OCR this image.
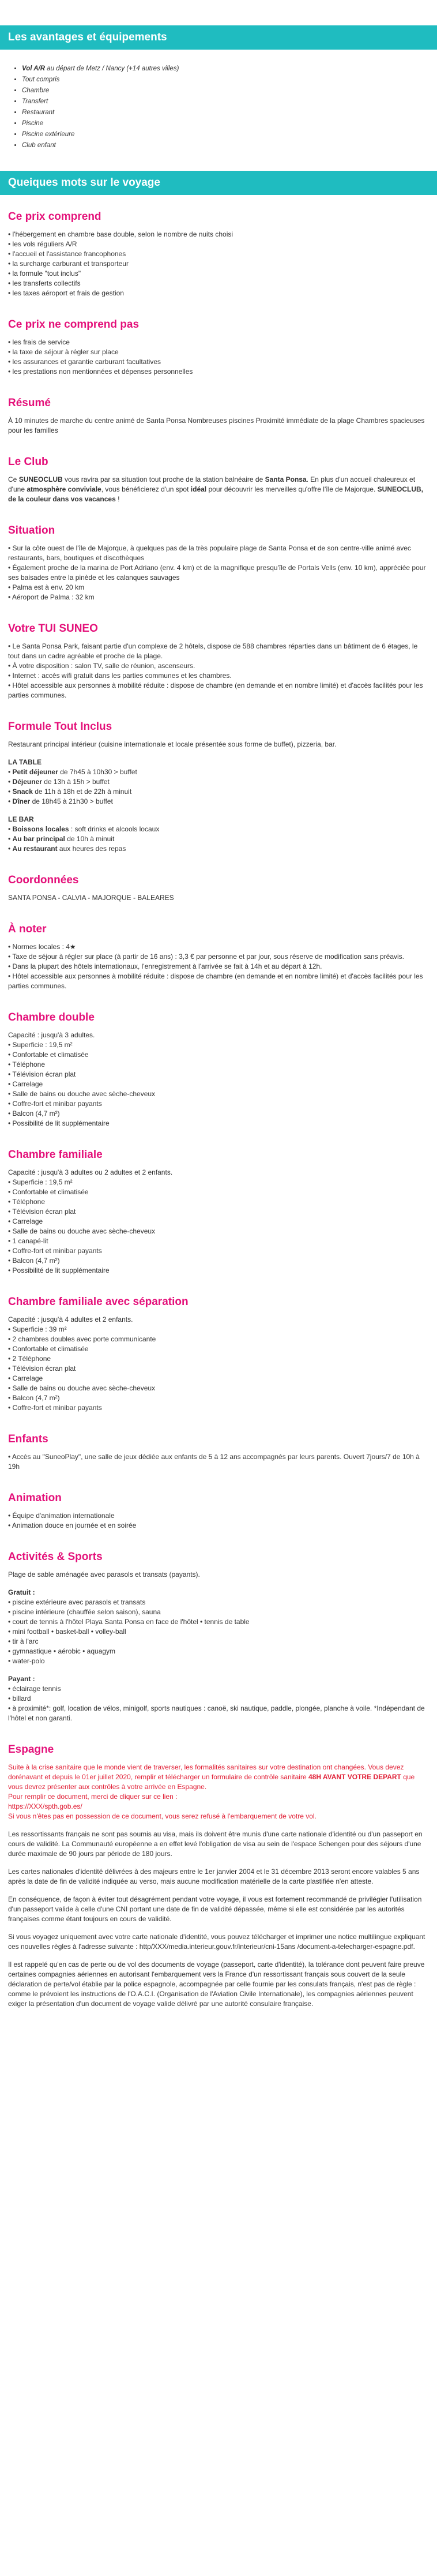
Les avantages et équipements
• Vol A/R au départ de Metz / Nancy (+14 autres villes)
• Tout compris
• Chambre
• Transfert
• Restaurant
• Piscine
• Piscine extérieure
• Club enfant
Queiques mots sur le voyage
Ce prix comprend
• l'hébergement en chambre base double, selon le nombre de nuits choisi
• les vols réguliers A/R
• l'accueil et l'assistance francophones
• la surcharge carburant et transporteur
• la formule "tout inclus"
• les transferts collectifs
• les taxes aéroport et frais de gestion
Ce prix ne comprend pas
• les frais de service
• la taxe de séjour à régler sur place
• les assurances et garantie carburant facultatives
• les prestations non mentionnées et dépenses personnelles
Résumé

À 10 minutes de marche du centre animé de Santa Ponsa Nombreuses piscines Proximité immédiate de la plage Chambres spacieuses pour les familles

Le Club

Ce SUNEOCLUB vous ravira par sa situation tout proche de la station balnéaire de Santa Ponsa. En plus d'un accueil chaleureux et d'une atmosphère conviviale, vous bénéficierez d'un spot idéal pour découvrir les merveilles qu'offre l'île de Majorque. SUNEOCLUB, de la couleur dans vos vacances !

Situation
• Sur la côte ouest de l'île de Majorque, à quelques pas de la très populaire plage de Santa Ponsa et de son centre-ville animé avec restaurants, bars, boutiques et discothèques
• Également proche de la marina de Port Adriano (env. 4 km) et de la magnifique presqu'île de Portals Vells (env. 10 km), appréciée pour ses baisades entre la pinède et les calanques sauvages
• Palma est à env. 20 km
• Aéroport de Palma : 32 km
Votre TUI SUNEO
• Le Santa Ponsa Park, faisant partie d'un complexe de 2 hôtels, dispose de 588 chambres réparties dans un bâtiment de 6 étages, le tout dans un cadre agréable et proche de la plage.
• À votre disposition : salon TV, salle de réunion, ascenseurs.
• Internet : accès wifi gratuit dans les parties communes et les chambres.
• Hôtel accessible aux personnes à mobilité réduite : dispose de chambre (en demande et en nombre limité) et d'accès facilités pour les parties communes.
Formule Tout Inclus

Restaurant principal intérieur (cuisine internationale et locale présentée sous forme de buffet), pizzeria, bar.

LA TABLE
• Petit déjeuner de 7h45 à 10h30 > buffet
• Déjeuner de 13h à 15h > buffet
• Snack de 11h à 18h et de 22h à minuit
• Dîner de 18h45 à 21h30 > buffet
LE BAR
• Boissons locales : soft drinks et alcools locaux
• Au bar principal de 10h à minuit
• Au restaurant aux heures des repas
Coordonnées

SANTA PONSA - CALVIA - MAJORQUE - BALEARES

À noter
• Normes locales : 4★
• Taxe de séjour à régler sur place (à partir de 16 ans) : 3,3 € par personne et par jour, sous réserve de modification sans préavis.
• Dans la plupart des hôtels internationaux, l'enregistrement à l'arrivée se fait à 14h et au départ à 12h.
• Hôtel accessible aux personnes à mobilité réduite : dispose de chambre (en demande et en nombre limité) et d'accès facilités pour les parties communes.
Chambre double
Capacité : jusqu'à 3 adultes.
• Superficie : 19,5 m²
• Confortable et climatisée
• Téléphone
• Télévision écran plat
• Carrelage
• Salle de bains ou douche avec sèche-cheveux
• Coffre-fort et minibar payants
• Balcon (4,7 m²)
• Possibilité de lit supplémentaire
Chambre familiale
Capacité : jusqu'à 3 adultes ou 2 adultes et 2 enfants.
• Superficie : 19,5 m²
• Confortable et climatisée
• Téléphone
• Télévision écran plat
• Carrelage
• Salle de bains ou douche avec sèche-cheveux
• 1 canapé-lit
• Coffre-fort et minibar payants
• Balcon (4,7 m²)
• Possibilité de lit supplémentaire
Chambre familiale avec séparation
Capacité : jusqu'à 4 adultes et 2 enfants.
• Superficie : 39 m²
• 2 chambres doubles avec porte communicante
• Confortable et climatisée
• 2 Téléphone
• Télévision écran plat
• Carrelage
• Salle de bains ou douche avec sèche-cheveux
• Balcon (4,7 m²)
• Coffre-fort et minibar payants
Enfants

• Accès au "SuneoPlay", une salle de jeux dédiée aux enfants de 5 à 12 ans accompagnés par leurs parents. Ouvert 7jours/7 de 10h à 19h

Animation
• Équipe d'animation internationale
• Animation douce en journée et en soirée
Activités & Sports

Plage de sable aménagée avec parasols et transats (payants).

Gratuit :
• piscine extérieure avec parasols et transats
• piscine intérieure (chauffée selon saison), sauna
• court de tennis à l'hôtel Playa Santa Ponsa en face de l'hôtel • tennis de table
• mini football • basket-ball • volley-ball
• tir à l'arc
• gymnastique • aérobic • aquagym
• water-polo
Payant :
• éclairage tennis
• billard
• à proximité*: golf, location de vélos, minigolf, sports nautiques : canoë, ski nautique, paddle, plongée, planche à voile. *Indépendant de l'hôtel et non garanti.
Espagne

Suite à la crise sanitaire que le monde vient de traverser, les formalités sanitaires sur votre destination ont changées. Vous devez dorénavant et depuis le 01er juillet 2020, remplir et télécharger un formulaire de contrôle sanitaire 48H AVANT VOTRE DEPART que vous devrez présenter aux contrôles à votre arrivée en Espagne.

Pour remplir ce document, merci de cliquer sur ce lien :
https://XXX/spth.gob.es/
Si vous n'êtes pas en possession de ce document, vous serez refusé à l'embarquement de votre vol.

Les ressortissants français ne sont pas soumis au visa, mais ils doivent être munis d'une carte nationale d'identité ou d'un passeport en cours de validité. La Communauté européenne a en effet levé l'obligation de visa au sein de l'espace Schengen pour des séjours d'une durée maximale de 90 jours par période de 180 jours.

Les cartes nationales d'identité délivrées à des majeurs entre le 1er janvier 2004 et le 31 décembre 2013 seront encore valables 5 ans après la date de fin de validité indiquée au verso, mais aucune modification matérielle de la carte plastifiée n'en atteste.

En conséquence, de façon à éviter tout désagrément pendant votre voyage, il vous est fortement recommandé de privilégier l'utilisation d'un passeport valide à celle d'une CNI portant une date de fin de validité dépassée, même si elle est considérée par les autorités françaises comme étant toujours en cours de validité.

Si vous voyagez uniquement avec votre carte nationale d'identité, vous pouvez télécharger et imprimer une notice multilingue expliquant ces nouvelles règles à l'adresse suivante : http/XXX/media.interieur.gouv.fr/interieur/cni-15ans /document-a-telecharger-espagne.pdf.

Il est rappelé qu'en cas de perte ou de vol des documents de voyage (passeport, carte d'identité), la tolérance dont peuvent faire preuve certaines compagnies aériennes en autorisant l'embarquement vers la France d'un ressortissant français sous couvert de la seule déclaration de perte/vol établie par la police espagnole, accompagnée par celle fournie par les consulats français, n'est pas de règle : comme le prévoient les instructions de l'O.A.C.I. (Organisation de l'Aviation Civile Internationale), les compagnies aériennes peuvent exiger la présentation d'un document de voyage valide délivré par une autorité consulaire française.
